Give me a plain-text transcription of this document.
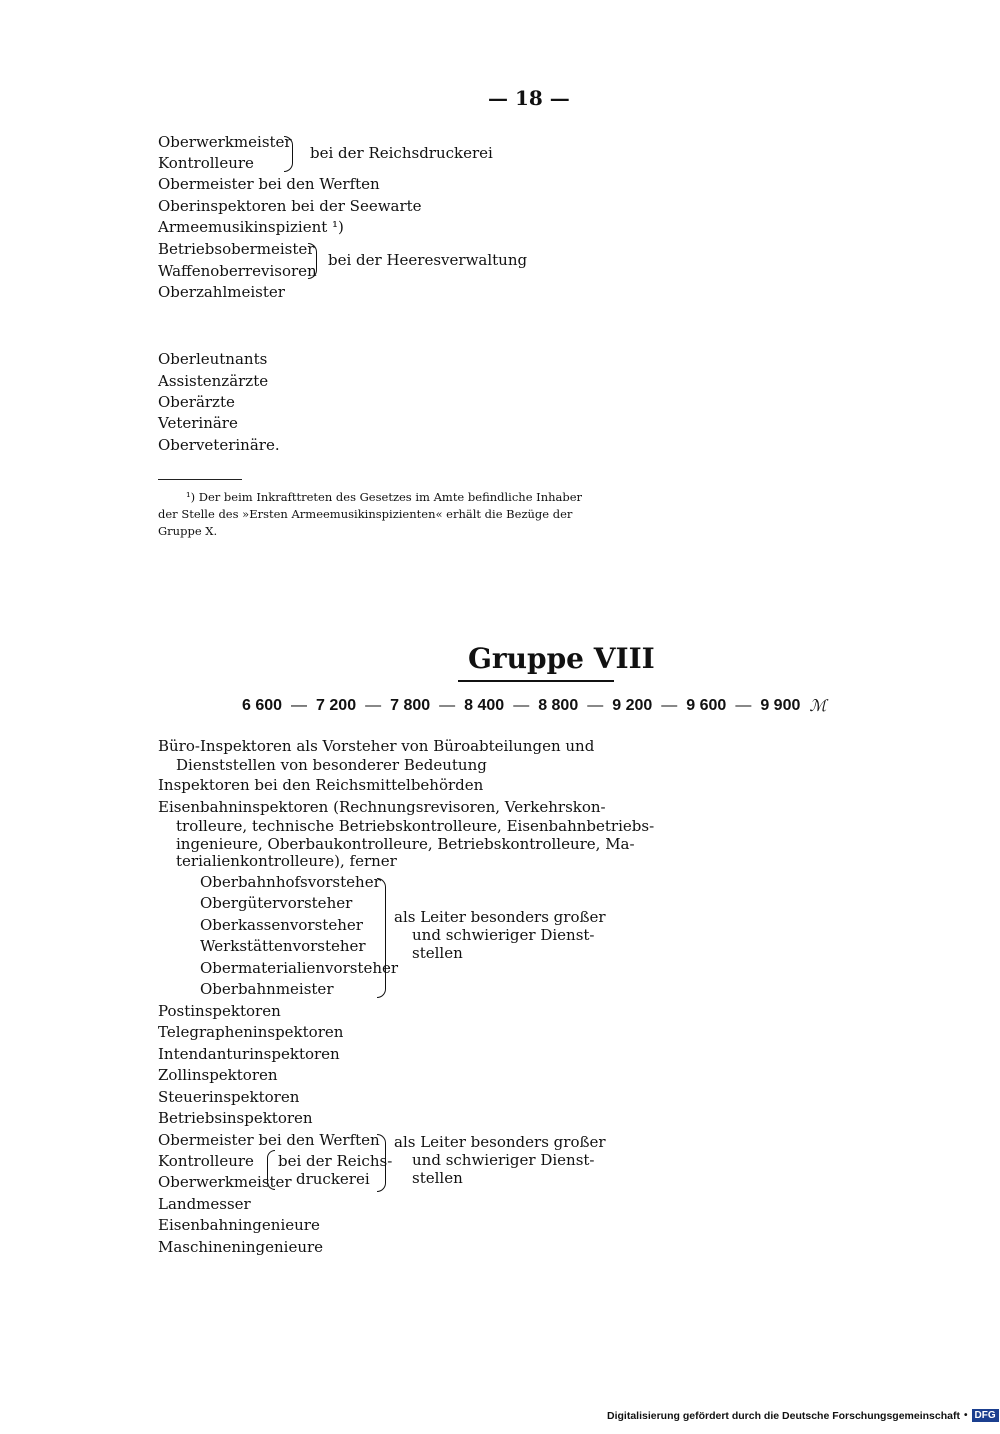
— 18 —
Oberwerkmeister
Kontrolleure
bei der Reichsdruckerei
Obermeister bei den Werften
Oberinspektoren bei der Seewarte
Armeemusikinspizient ¹)
Betriebsobermeister
Waffenoberrevisoren
bei der Heeresverwaltung
Oberzahlmeister
Oberleutnants
Assistenzärzte
Oberärzte
Veterinäre
Oberveterinäre.
¹) Der beim Inkrafttreten des Gesetzes im Amte befindliche Inhaber
der Stelle des »Ersten Armeemusikinspizienten« erhält die Bezüge der
Gruppe X.
Gruppe VIII
6 600 — 7 200 — 7 800 — 8 400 — 8 800 — 9 200 — 9 600 — 9 900 ℳ
Büro-Inspektoren als Vorsteher von Büroabteilungen und
Dienststellen von besonderer Bedeutung
Inspektoren bei den Reichsmittelbehörden
Eisenbahninspektoren (Rechnungsrevisoren, Verkehrskon-
trolleure, technische Betriebskontrolleure, Eisenbahnbetriebs-
ingenieure, Oberbaukontrolleure, Betriebskontrolleure, Ma-
terialienkontrolleure), ferner
Oberbahnhofsvorsteher
Obergütervorsteher
Oberkassenvorsteher
Werkstättenvorsteher
Obermaterialienvorsteher
Oberbahnmeister
als Leiter besonders großer
und schwieriger Dienst-
stellen
Postinspektoren
Telegrapheninspektoren
Intendanturinspektoren
Zollinspektoren
Steuerinspektoren
Betriebsinspektoren
Obermeister bei den Werften
Kontrolleure
Oberwerkmeister
bei der Reichs-
druckerei
als Leiter besonders großer
und schwieriger Dienst-
stellen
Landmesser
Eisenbahningenieure
Maschineningenieure
Digitalisierung gefördert durch die Deutsche Forschungsgemeinschaft • DFG
